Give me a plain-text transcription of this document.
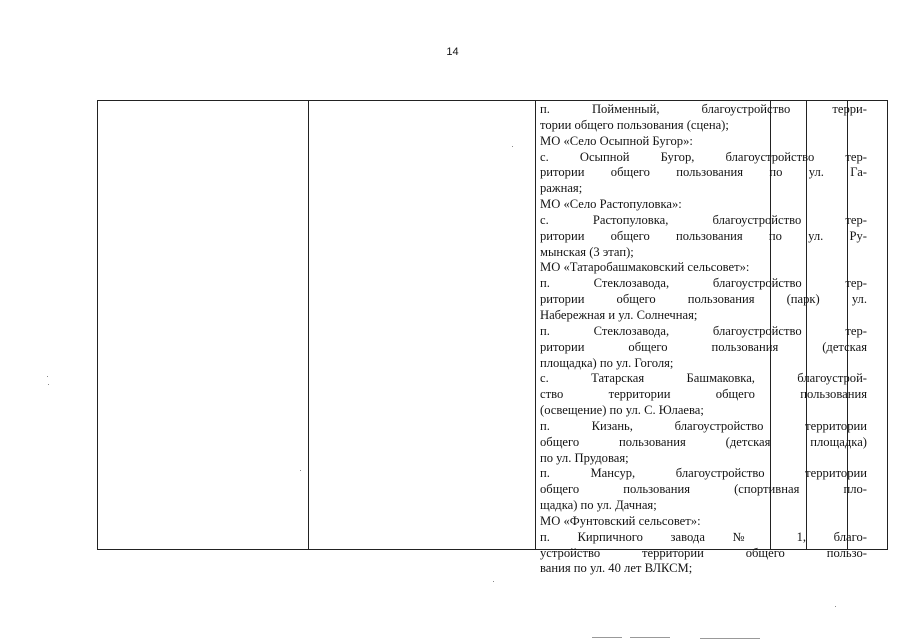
14
п. Пойменный, благоустройство терри-
тории общего пользования (сцена);
МО «Село Осыпной Бугор»:
с. Осыпной Бугор, благоустройство тер-
ритории общего пользования по ул. Га-
ражная;
МО «Село Растопуловка»:
с. Растопуловка, благоустройство тер-
ритории общего пользования по ул. Ру-
мынская (3 этап);
МО «Татаробашмаковский сельсовет»:
п. Стеклозавода, благоустройство тер-
ритории общего пользования (парк) ул.
Набережная и ул. Солнечная;
п. Стеклозавода, благоустройство тер-
ритории общего пользования (детская
площадка) по ул. Гоголя;
с. Татарская Башмаковка, благоустрой-
ство территории общего пользования
(освещение) по ул. С. Юлаева;
п. Кизань, благоустройство территории
общего пользования (детская площадка)
по ул. Прудовая;
п. Мансур, благоустройство территории
общего пользования (спортивная пло-
щадка) по ул. Дачная;
МО «Фунтовский сельсовет»:
п. Кирпичного завода № 1, благо-
устройство территории общего пользо-
вания по ул. 40 лет ВЛКСМ;
